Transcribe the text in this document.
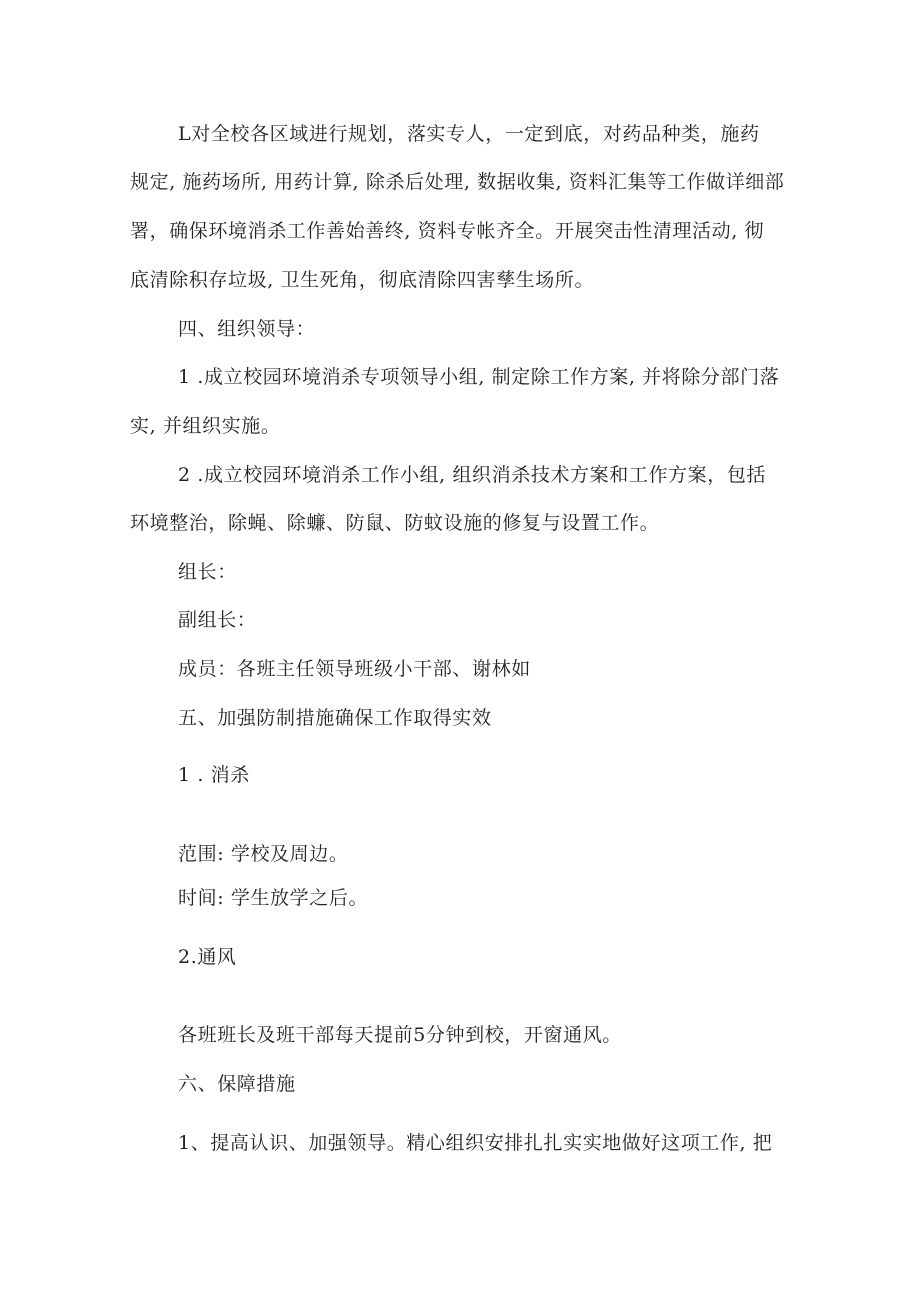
L对全校各区域进行规划，落实专人，一定到底，对药品种类，施药
规定, 施药场所, 用药计算, 除杀后处理, 数据收集, 资料汇集等工作做详细部
署，确保环境消杀工作善始善终, 资料专帐齐全。开展突击性清理活动, 彻
底清除积存垃圾, 卫生死角，彻底清除四害孳生场所。
四、组织领导：
1 .成立校园环境消杀专项领导小组, 制定除工作方案, 并将除分部门落
实, 并组织实施。
2 .成立校园环境消杀工作小组, 组织消杀技术方案和工作方案，包括
环境整治，除蝇、除蠊、防鼠、防蚊设施的修复与设置工作。
组长：
副组长：
成员：各班主任领导班级小干部、谢林如
五、加强防制措施确保工作取得实效
1 . 消杀
范围: 学校及周边。
时间: 学生放学之后。
2.通风
各班班长及班干部每天提前5分钟到校，开窗通风。
六、保障措施
1、提高认识、加强领导。精心组织安排扎扎实实地做好这项工作, 把
